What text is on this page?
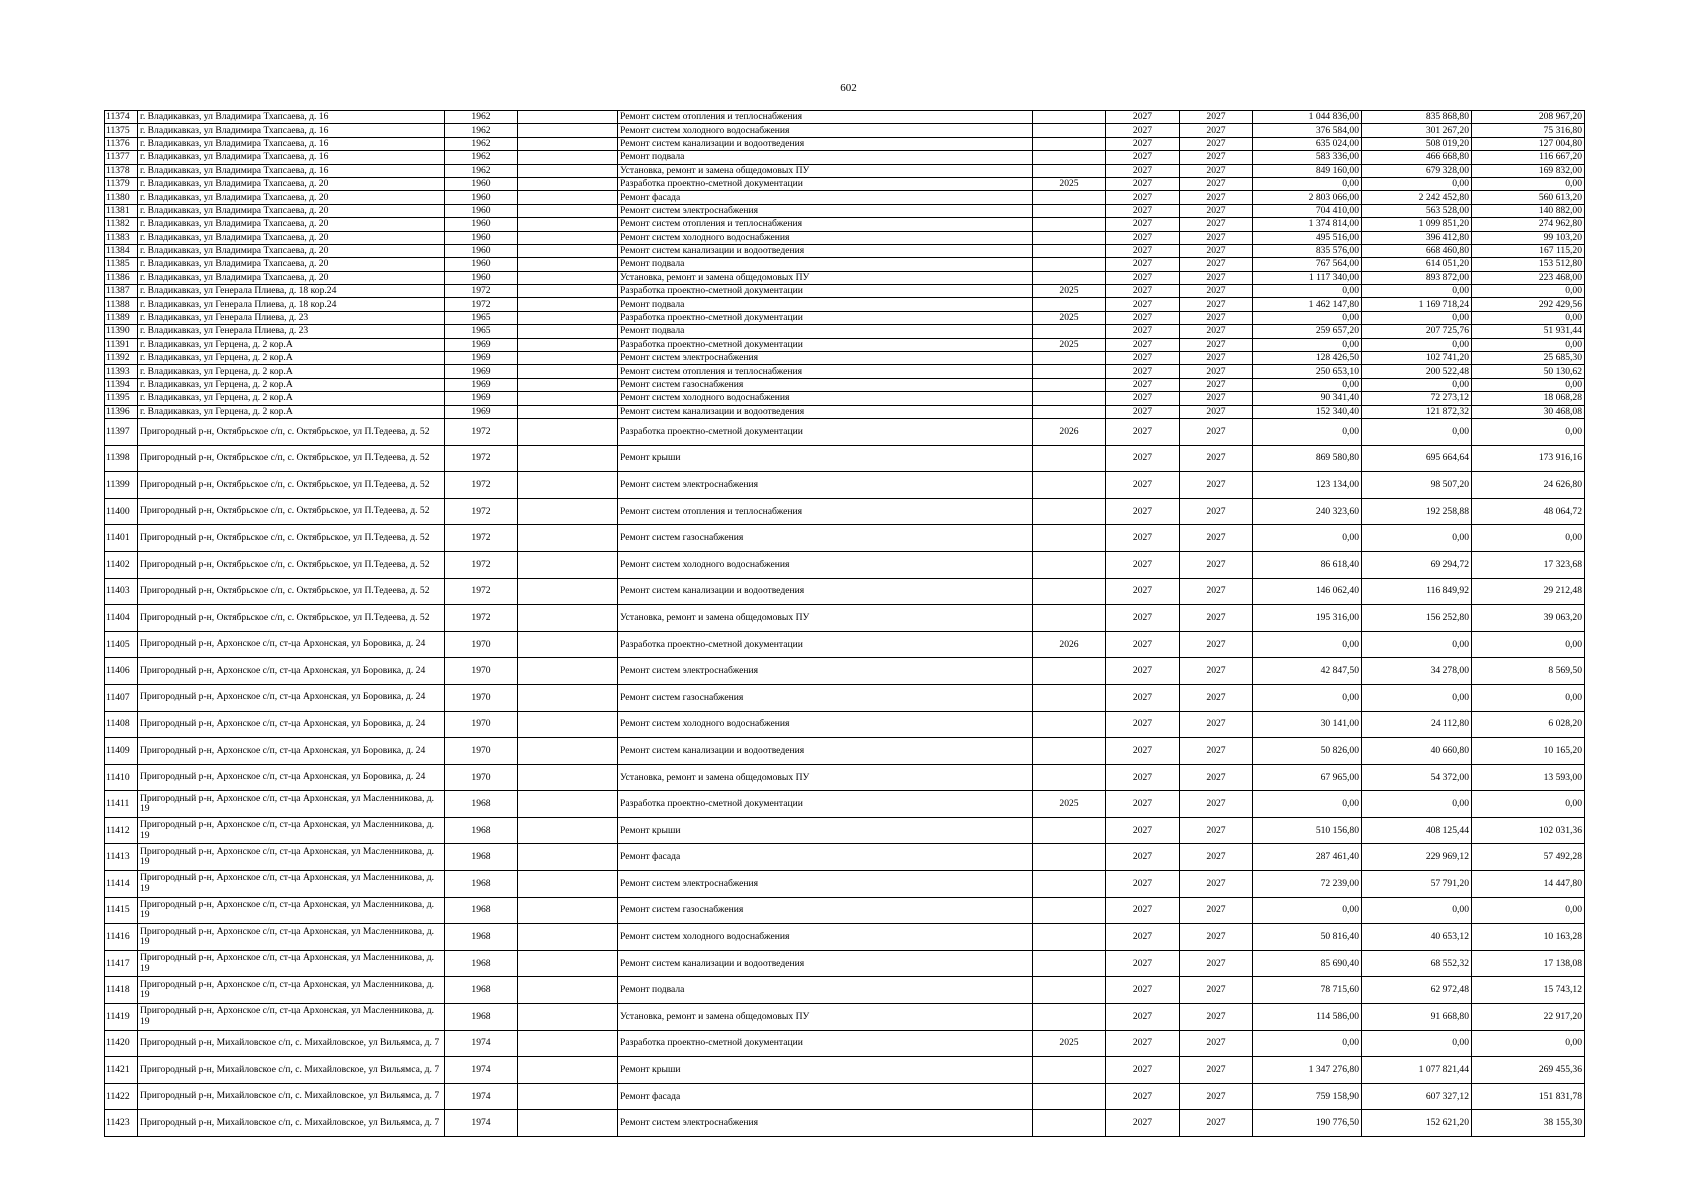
602
11374	г. Владикавказ, ул Владимира Тхапсаева, д. 16	1962		Ремонт систем отопления и теплоснабжения		2027	2027	1 044 836,00	835 868,80	208 967,20
11375	г. Владикавказ, ул Владимира Тхапсаева, д. 16	1962		Ремонт систем холодного водоснабжения		2027	2027	376 584,00	301 267,20	75 316,80
11376	г. Владикавказ, ул Владимира Тхапсаева, д. 16	1962		Ремонт систем канализации и водоотведения		2027	2027	635 024,00	508 019,20	127 004,80
11377	г. Владикавказ, ул Владимира Тхапсаева, д. 16	1962		Ремонт подвала		2027	2027	583 336,00	466 668,80	116 667,20
11378	г. Владикавказ, ул Владимира Тхапсаева, д. 16	1962		Установка, ремонт и замена общедомовых ПУ		2027	2027	849 160,00	679 328,00	169 832,00
11379	г. Владикавказ, ул Владимира Тхапсаева, д. 20	1960		Разработка проектно-сметной документации	2025	2027	2027	0,00	0,00	0,00
11380	г. Владикавказ, ул Владимира Тхапсаева, д. 20	1960		Ремонт фасада		2027	2027	2 803 066,00	2 242 452,80	560 613,20
11381	г. Владикавказ, ул Владимира Тхапсаева, д. 20	1960		Ремонт систем электроснабжения		2027	2027	704 410,00	563 528,00	140 882,00
11382	г. Владикавказ, ул Владимира Тхапсаева, д. 20	1960		Ремонт систем отопления и теплоснабжения		2027	2027	1 374 814,00	1 099 851,20	274 962,80
11383	г. Владикавказ, ул Владимира Тхапсаева, д. 20	1960		Ремонт систем холодного водоснабжения		2027	2027	495 516,00	396 412,80	99 103,20
11384	г. Владикавказ, ул Владимира Тхапсаева, д. 20	1960		Ремонт систем канализации и водоотведения		2027	2027	835 576,00	668 460,80	167 115,20
11385	г. Владикавказ, ул Владимира Тхапсаева, д. 20	1960		Ремонт подвала		2027	2027	767 564,00	614 051,20	153 512,80
11386	г. Владикавказ, ул Владимира Тхапсаева, д. 20	1960		Установка, ремонт и замена общедомовых ПУ		2027	2027	1 117 340,00	893 872,00	223 468,00
11387	г. Владикавказ, ул Генерала Плиева, д. 18 кор.24	1972		Разработка проектно-сметной документации	2025	2027	2027	0,00	0,00	0,00
11388	г. Владикавказ, ул Генерала Плиева, д. 18 кор.24	1972		Ремонт подвала		2027	2027	1 462 147,80	1 169 718,24	292 429,56
11389	г. Владикавказ, ул Генерала Плиева, д. 23	1965		Разработка проектно-сметной документации	2025	2027	2027	0,00	0,00	0,00
11390	г. Владикавказ, ул Генерала Плиева, д. 23	1965		Ремонт подвала		2027	2027	259 657,20	207 725,76	51 931,44
11391	г. Владикавказ, ул Герцена, д. 2 кор.А	1969		Разработка проектно-сметной документации	2025	2027	2027	0,00	0,00	0,00
11392	г. Владикавказ, ул Герцена, д. 2 кор.А	1969		Ремонт систем электроснабжения		2027	2027	128 426,50	102 741,20	25 685,30
11393	г. Владикавказ, ул Герцена, д. 2 кор.А	1969		Ремонт систем отопления и теплоснабжения		2027	2027	250 653,10	200 522,48	50 130,62
11394	г. Владикавказ, ул Герцена, д. 2 кор.А	1969		Ремонт систем газоснабжения		2027	2027	0,00	0,00	0,00
11395	г. Владикавказ, ул Герцена, д. 2 кор.А	1969		Ремонт систем холодного водоснабжения		2027	2027	90 341,40	72 273,12	18 068,28
11396	г. Владикавказ, ул Герцена, д. 2 кор.А	1969		Ремонт систем канализации и водоотведения		2027	2027	152 340,40	121 872,32	30 468,08
11397	Пригородный р-н, Октябрьское с/п, с. Октябрьское, ул П.Тедеева, д. 52	1972		Разработка проектно-сметной документации	2026	2027	2027	0,00	0,00	0,00
11398	Пригородный р-н, Октябрьское с/п, с. Октябрьское, ул П.Тедеева, д. 52	1972		Ремонт крыши		2027	2027	869 580,80	695 664,64	173 916,16
11399	Пригородный р-н, Октябрьское с/п, с. Октябрьское, ул П.Тедеева, д. 52	1972		Ремонт систем электроснабжения		2027	2027	123 134,00	98 507,20	24 626,80
11400	Пригородный р-н, Октябрьское с/п, с. Октябрьское, ул П.Тедеева, д. 52	1972		Ремонт систем отопления и теплоснабжения		2027	2027	240 323,60	192 258,88	48 064,72
11401	Пригородный р-н, Октябрьское с/п, с. Октябрьское, ул П.Тедеева, д. 52	1972		Ремонт систем газоснабжения		2027	2027	0,00	0,00	0,00
11402	Пригородный р-н, Октябрьское с/п, с. Октябрьское, ул П.Тедеева, д. 52	1972		Ремонт систем холодного водоснабжения		2027	2027	86 618,40	69 294,72	17 323,68
11403	Пригородный р-н, Октябрьское с/п, с. Октябрьское, ул П.Тедеева, д. 52	1972		Ремонт систем канализации и водоотведения		2027	2027	146 062,40	116 849,92	29 212,48
11404	Пригородный р-н, Октябрьское с/п, с. Октябрьское, ул П.Тедеева, д. 52	1972		Установка, ремонт и замена общедомовых ПУ		2027	2027	195 316,00	156 252,80	39 063,20
11405	Пригородный р-н, Архонское с/п, ст-ца Архонская, ул Боровика, д. 24	1970		Разработка проектно-сметной документации	2026	2027	2027	0,00	0,00	0,00
11406	Пригородный р-н, Архонское с/п, ст-ца Архонская, ул Боровика, д. 24	1970		Ремонт систем электроснабжения		2027	2027	42 847,50	34 278,00	8 569,50
11407	Пригородный р-н, Архонское с/п, ст-ца Архонская, ул Боровика, д. 24	1970		Ремонт систем газоснабжения		2027	2027	0,00	0,00	0,00
11408	Пригородный р-н, Архонское с/п, ст-ца Архонская, ул Боровика, д. 24	1970		Ремонт систем холодного водоснабжения		2027	2027	30 141,00	24 112,80	6 028,20
11409	Пригородный р-н, Архонское с/п, ст-ца Архонская, ул Боровика, д. 24	1970		Ремонт систем канализации и водоотведения		2027	2027	50 826,00	40 660,80	10 165,20
11410	Пригородный р-н, Архонское с/п, ст-ца Архонская, ул Боровика, д. 24	1970		Установка, ремонт и замена общедомовых ПУ		2027	2027	67 965,00	54 372,00	13 593,00
11411	Пригородный р-н, Архонское с/п, ст-ца Архонская, ул Масленникова, д. 19	1968		Разработка проектно-сметной документации	2025	2027	2027	0,00	0,00	0,00
11412	Пригородный р-н, Архонское с/п, ст-ца Архонская, ул Масленникова, д. 19	1968		Ремонт крыши		2027	2027	510 156,80	408 125,44	102 031,36
11413	Пригородный р-н, Архонское с/п, ст-ца Архонская, ул Масленникова, д. 19	1968		Ремонт фасада		2027	2027	287 461,40	229 969,12	57 492,28
11414	Пригородный р-н, Архонское с/п, ст-ца Архонская, ул Масленникова, д. 19	1968		Ремонт систем электроснабжения		2027	2027	72 239,00	57 791,20	14 447,80
11415	Пригородный р-н, Архонское с/п, ст-ца Архонская, ул Масленникова, д. 19	1968		Ремонт систем газоснабжения		2027	2027	0,00	0,00	0,00
11416	Пригородный р-н, Архонское с/п, ст-ца Архонская, ул Масленникова, д. 19	1968		Ремонт систем холодного водоснабжения		2027	2027	50 816,40	40 653,12	10 163,28
11417	Пригородный р-н, Архонское с/п, ст-ца Архонская, ул Масленникова, д. 19	1968		Ремонт систем канализации и водоотведения		2027	2027	85 690,40	68 552,32	17 138,08
11418	Пригородный р-н, Архонское с/п, ст-ца Архонская, ул Масленникова, д. 19	1968		Ремонт подвала		2027	2027	78 715,60	62 972,48	15 743,12
11419	Пригородный р-н, Архонское с/п, ст-ца Архонская, ул Масленникова, д. 19	1968		Установка, ремонт и замена общедомовых ПУ		2027	2027	114 586,00	91 668,80	22 917,20
11420	Пригородный р-н, Михайловское с/п, с. Михайловское, ул Вильямса, д. 7	1974		Разработка проектно-сметной документации	2025	2027	2027	0,00	0,00	0,00
11421	Пригородный р-н, Михайловское с/п, с. Михайловское, ул Вильямса, д. 7	1974		Ремонт крыши		2027	2027	1 347 276,80	1 077 821,44	269 455,36
11422	Пригородный р-н, Михайловское с/п, с. Михайловское, ул Вильямса, д. 7	1974		Ремонт фасада		2027	2027	759 158,90	607 327,12	151 831,78
11423	Пригородный р-н, Михайловское с/п, с. Михайловское, ул Вильямса, д. 7	1974		Ремонт систем электроснабжения		2027	2027	190 776,50	152 621,20	38 155,30
